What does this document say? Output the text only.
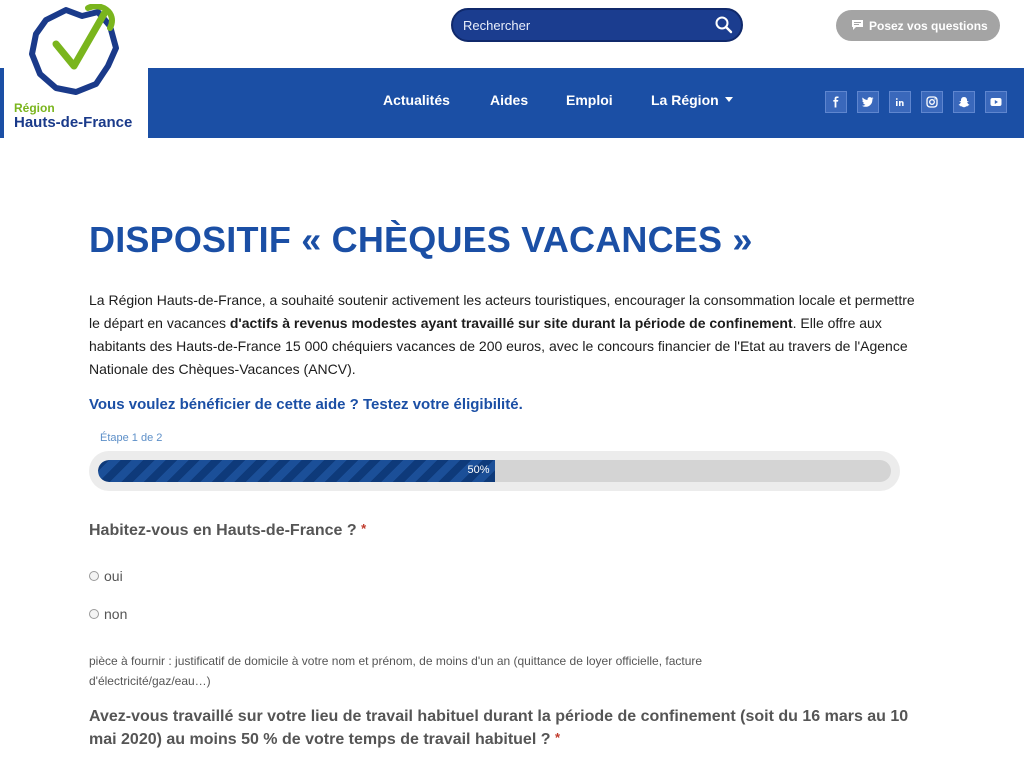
Région
Hauts-de-France
Rechercher	Posez vos questions
Actualités	Aides	Emploi	La Région
DISPOSITIF « CHÈQUES VACANCES »

La Région Hauts-de-France, a souhaité soutenir activement les acteurs touristiques, encourager la consommation locale et permettre le départ en vacances d'actifs à revenus modestes ayant travaillé sur site durant la période de confinement. Elle offre aux habitants des Hauts-de-France 15 000 chéquiers vacances de 200 euros, avec le concours financier de l'Etat au travers de l'Agence Nationale des Chèques-Vacances (ANCV).

Vous voulez bénéficier de cette aide ? Testez votre éligibilité.

Étape 1 de 2
50%

Habitez-vous en Hauts-de-France ? *

oui
non

pièce à fournir : justificatif de domicile à votre nom et prénom, de moins d'un an (quittance de loyer officielle, facture d'électricité/gaz/eau…)

Avez-vous travaillé sur votre lieu de travail habituel durant la période de confinement (soit du 16 mars au 10 mai 2020) au moins 50 % de votre temps de travail habituel ? *
